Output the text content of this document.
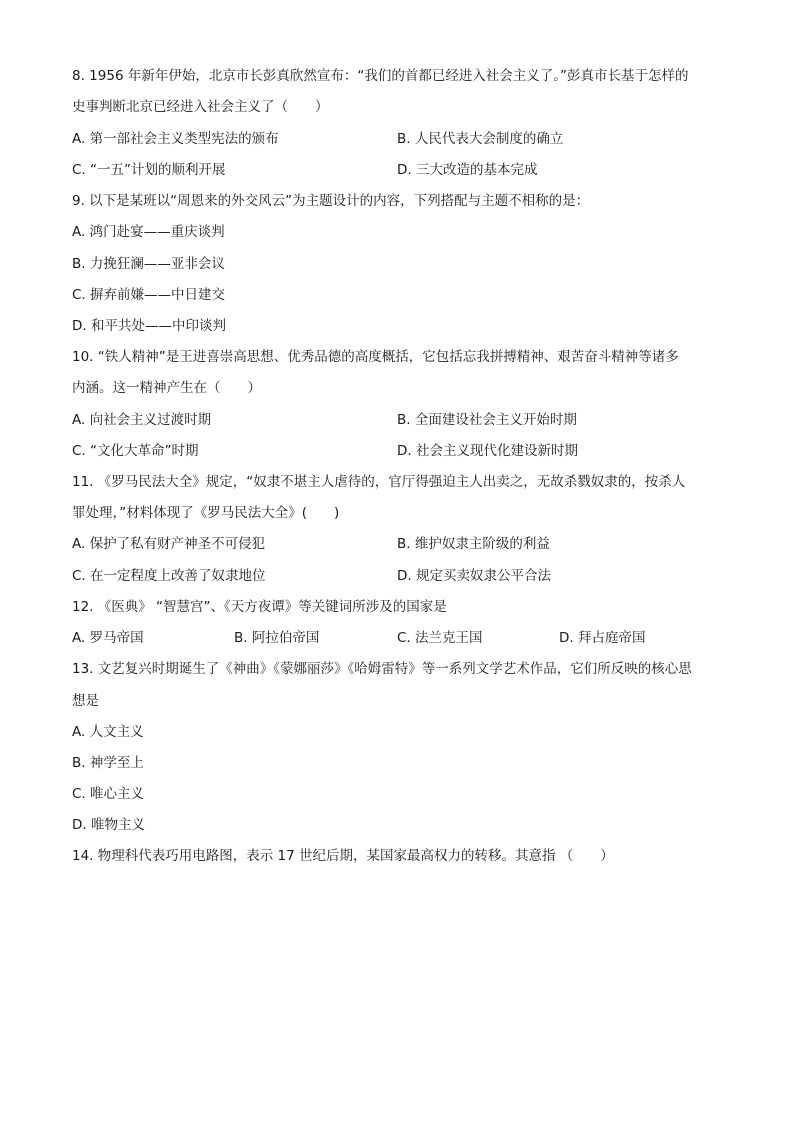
8. 1956 年新年伊始，北京市长彭真欣然宣布：“我们的首都已经进入社会主义了。”彭真市长基于怎样的
史事判断北京已经进入社会主义了（　　）
A. 第一部社会主义类型宪法的颁布	B. 人民代表大会制度的确立
C. “一五”计划的顺利开展	D. 三大改造的基本完成
9. 以下是某班以“周恩来的外交风云”为主题设计的内容，下列搭配与主题不相称的是：
A. 鸿门赴宴——重庆谈判
B. 力挽狂澜——亚非会议
C. 摒弃前嫌——中日建交
D. 和平共处——中印谈判
10. “铁人精神”是王进喜崇高思想、优秀品德的高度概括，它包括忘我拼搏精神、艰苦奋斗精神等诸多
内涵。这一精神产生在（　　）
A. 向社会主义过渡时期	B. 全面建设社会主义开始时期
C. “文化大革命”时期	D. 社会主义现代化建设新时期
11. 《罗马民法大全》规定，“奴隶不堪主人虐待的，官厅得强迫主人出卖之，无故杀戮奴隶的，按杀人
罪处理，”材料体现了《罗马民法大全》(　　)
A. 保护了私有财产神圣不可侵犯	B. 维护奴隶主阶级的利益
C. 在一定程度上改善了奴隶地位	D. 规定买卖奴隶公平合法
12. 《医典》 “智慧宫”、《天方夜谭》等关键词所涉及的国家是
A. 罗马帝国	B. 阿拉伯帝国	C. 法兰克王国	D. 拜占庭帝国
13. 文艺复兴时期诞生了《神曲》《蒙娜丽莎》《哈姆雷特》等一系列文学艺术作品，它们所反映的核心思
想是
A. 人文主义
B. 神学至上
C. 唯心主义
D. 唯物主义
14. 物理科代表巧用电路图，表示 17 世纪后期，某国家最高权力的转移。其意指 （　　）
